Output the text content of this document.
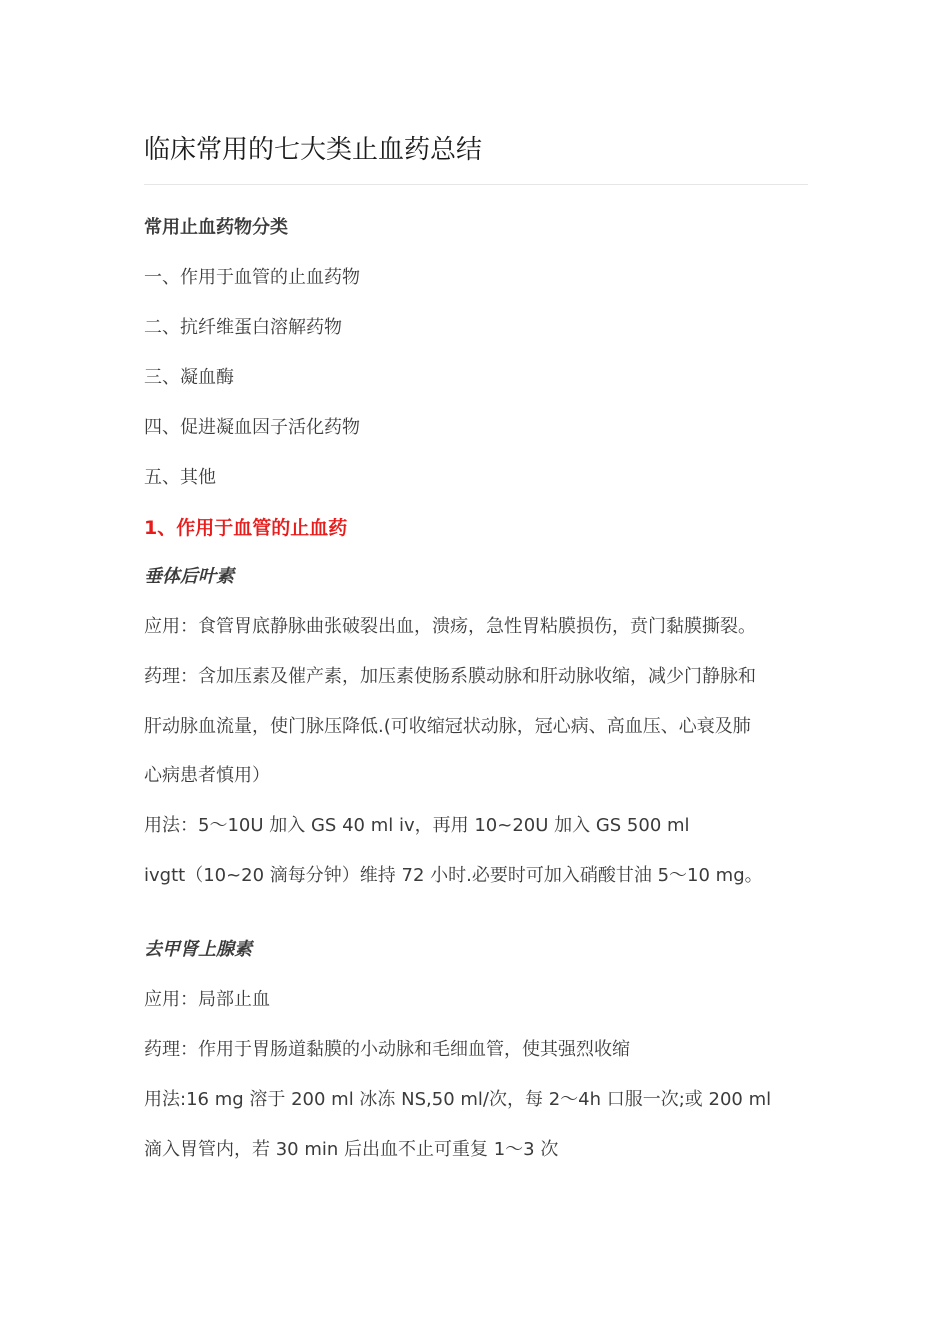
临床常用的七大类止血药总结
常用止血药物分类
一、作用于血管的止血药物
二、抗纤维蛋白溶解药物
三、凝血酶
四、促进凝血因子活化药物
五、其他
1、作用于血管的止血药
垂体后叶素
应用：食管胃底静脉曲张破裂出血，溃疡，急性胃粘膜损伤，贲门黏膜撕裂。
药理：含加压素及催产素，加压素使肠系膜动脉和肝动脉收缩，减少门静脉和
肝动脉血流量，使门脉压降低.(可收缩冠状动脉，冠心病、高血压、心衰及肺
心病患者慎用）
用法：5～10U 加入 GS 40 ml iv，再用 10~20U 加入 GS 500 ml
ivgtt（10~20 滴每分钟）维持 72 小时.必要时可加入硝酸甘油 5～10 mg。
去甲肾上腺素
应用：局部止血
药理：作用于胃肠道黏膜的小动脉和毛细血管，使其强烈收缩
用法:16 mg 溶于 200 ml 冰冻 NS,50 ml/次，每 2～4h 口服一次;或 200 ml
滴入胃管内，若 30 min 后出血不止可重复 1～3 次
